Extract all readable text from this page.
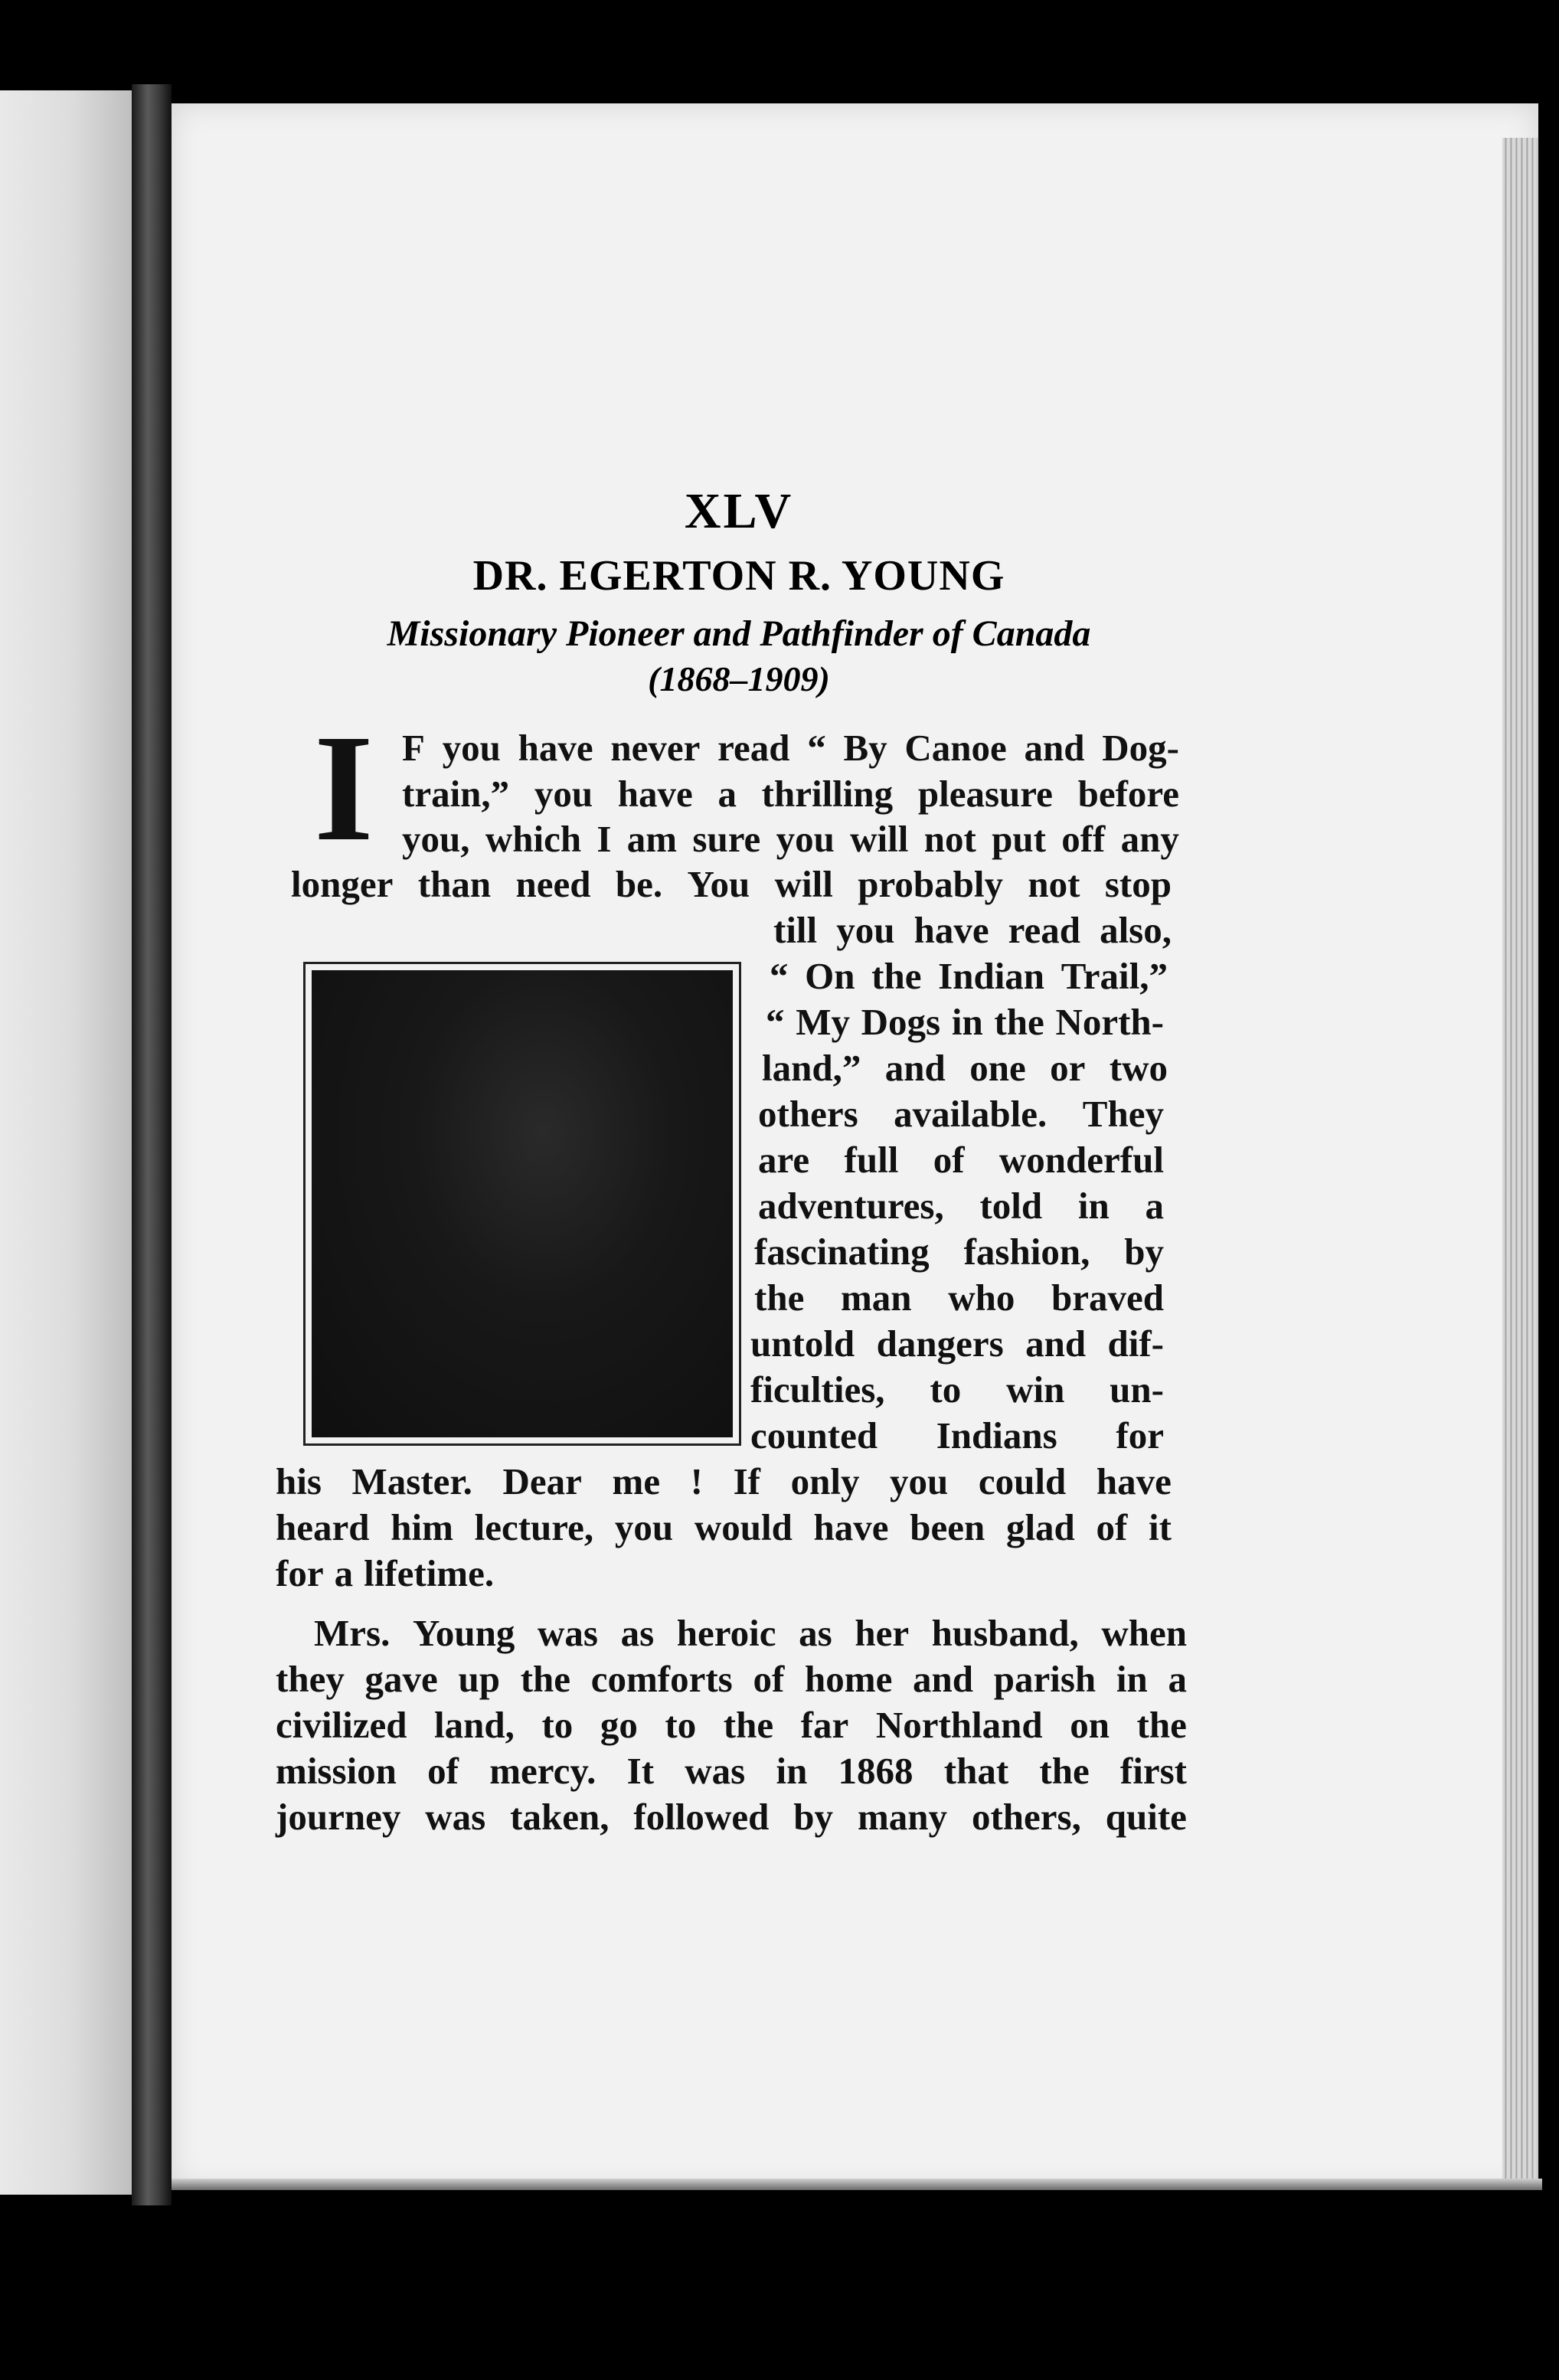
XLV
DR. EGERTON R. YOUNG
Missionary Pioneer and Pathfinder of Canada
(1868–1909)
I F you have never read “ By Canoe and Dog-
train,” you have a thrilling pleasure before
you, which I am sure you will not put off any
longer than need be. You will probably not stop
till you have read also,
“ On the Indian Trail,”
“ My Dogs in the North-
land,” and one or two
others available. They
are full of wonderful
adventures, told in a
fascinating fashion, by
the man who braved
untold dangers and dif-
ficulties, to win un-
counted Indians for
his Master. Dear me ! If only you could have
heard him lecture, you would have been glad of it
for a lifetime.
Mrs. Young was as heroic as her husband, when
they gave up the comforts of home and parish in a
civilized land, to go to the far Northland on the
mission of mercy. It was in 1868 that the first
journey was taken, followed by many others, quite
191
